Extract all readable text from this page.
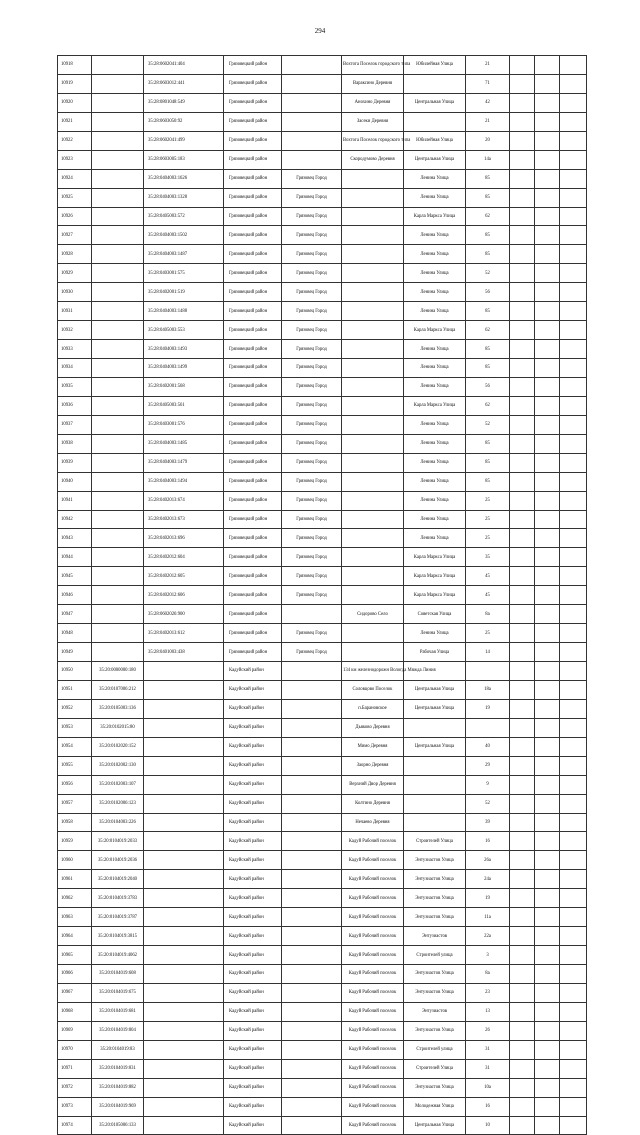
294
10918		35:28:0602041:404	Грязовецкий район		Вохтога Поселок городского типа	Юбилейная Улица	21			
10919		35:28:0603012:441	Грязовецкий район		Вараксино Деревня		71			
10920		35:28:0801048:549	Грязовецкий район		Анохино Деревня	Центральная Улица	42			
10921		35:28:0603050:92	Грязовецкий район		Засеки Деревня		21			
10922		35:28:0602041:499	Грязовецкий район		Вохтога Поселок городского типа	Юбилейная Улица	20			
10923		35:28:0603005:183	Грязовецкий район		Скородумово Деревня	Центральная Улица	14а			
10924		35:28:0404003:1626	Грязовецкий район	Грязовец Город		Ленина Улица	85			
10925		35:28:0404003:1328	Грязовецкий район	Грязовец Город		Ленина Улица	85			
10926		35:28:0405003:572	Грязовецкий район	Грязовец Город		Карла Маркса Улица	62			
10927		35:28:0404003:1502	Грязовецкий район	Грязовец Город		Ленина Улица	85			
10928		35:28:0404003:1487	Грязовецкий район	Грязовец Город		Ленина Улица	85			
10929		35:28:0403001:575	Грязовецкий район	Грязовец Город		Ленина Улица	52			
10930		35:28:0402001:519	Грязовецкий район	Грязовец Город		Ленина Улица	56			
10931		35:28:0404003:1488	Грязовецкий район	Грязовец Город		Ленина Улица	85			
10932		35:28:0405003:553	Грязовецкий район	Грязовец Город		Карла Маркса Улица	62			
10933		35:28:0404003:1493	Грязовецкий район	Грязовец Город		Ленина Улица	85			
10934		35:28:0404003:1499	Грязовецкий район	Грязовец Город		Ленина Улица	85			
10935		35:28:0402001:568	Грязовецкий район	Грязовец Город		Ленина Улица	56			
10936		35:28:0405003:561	Грязовецкий район	Грязовец Город		Карла Маркса Улица	62			
10937		35:28:0403001:576	Грязовецкий район	Грязовец Город		Ленина Улица	52			
10938		35:28:0404003:1485	Грязовецкий район	Грязовец Город		Ленина Улица	85			
10939		35:28:0404003:1479	Грязовецкий район	Грязовец Город		Ленина Улица	85			
10940		35:28:0404003:1494	Грязовецкий район	Грязовец Город		Ленина Улица	85			
10941		35:28:0402013:674	Грязовецкий район	Грязовец Город		Ленина Улица	25			
10942		35:28:0402013:673	Грязовецкий район	Грязовец Город		Ленина Улица	25			
10943		35:28:0402013:696	Грязовецкий район	Грязовец Город		Ленина Улица	25			
10944		35:28:0402012:604	Грязовецкий район	Грязовец Город		Карла Маркса Улица	35			
10945		35:28:0402012:605	Грязовецкий район	Грязовец Город		Карла Маркса Улица	45			
10946		35:28:0402012:606	Грязовецкий район	Грязовец Город		Карла Маркса Улица	45			
10947		35:28:0602026:900	Грязовецкий район		Сидорово Село	Советская Улица	8а			
10948		35:28:0402013:612	Грязовецкий район	Грязовец Город		Ленина Улица	25			
10949		35:28:0401003:438	Грязовецкий район	Грязовец Город		Рабочая Улица	14			
10950	35:20:0000000:180		Кадуйский район		134 км железнодорожн Вологда Мяжда Линия					
10951	35:20:0107006:212		Кадуйский район		Соловцово Поселок	Центральная Улица	18а			
10952	35:20:0105003:136		Кадуйский район		п.Барановское	Центральная Улица	19			
10953	35:20:0102015:80		Кадуйский район		Дьяково Деревня					
10954	35:20:0102020:152		Кадуйский район		Мимо Деревня	Центральная Улица	40			
10955	35:20:0102002:130		Кадуйский район		Заорно Деревня		29			
10956	35:20:0102003:107		Кадуйский район		Верхний Двор Деревня		9			
10957	35:20:0102006:123		Кадуйский район		Колтино Деревня		52			
10958	35:20:0104003:226		Кадуйский район		Нечаево Деревня		39			
10959	35:20:0104019:2033		Кадуйский район		Кадуй Рабочий поселок	Строителей Улица	16			
10960	35:20:0104019:2036		Кадуйский район		Кадуй Рабочий поселок	Энтузиастов Улица	26а			
10961	35:20:0104019:2040		Кадуйский район		Кадуй Рабочий поселок	Энтузиастов Улица	24а			
10962	35:20:0104019:3783		Кадуйский район		Кадуй Рабочий поселок	Энтузиастов Улица	19			
10963	35:20:0104019:3787		Кадуйский район		Кадуй Рабочий поселок	Энтузиастов Улица	11а			
10964	35:20:0104019:3815		Кадуйский район		Кадуй Рабочий поселок	Энтузиастов	22а			
10965	35:20:0104019:4062		Кадуйский район		Кадуй Рабочий поселок	Строителей улица	3			
10966	35:20:0104019:608		Кадуйский район		Кадуй Рабочий поселок	Энтузиастов Улица	8а			
10967	35:20:0104019:675		Кадуйский район		Кадуй Рабочий поселок	Энтузиастов Улица	23			
10968	35:20:0104019:681		Кадуйский район		Кадуй Рабочий поселок	Энтузиастов	13			
10969	35:20:0104019:804		Кадуйский район		Кадуй Рабочий поселок	Энтузиастов Улица	26			
10970	35:20:0104019:83		Кадуйский район		Кадуй Рабочий поселок	Строителей улица	31			
10971	35:20:0104019:831		Кадуйский район		Кадуй Рабочий поселок	Строителей Улица	31			
10972	35:20:0104019:882		Кадуйский район		Кадуй Рабочий поселок	Энтузиастов Улица	10а			
10973	35:20:0104019:969		Кадуйский район		Кадуй Рабочий поселок	Молодежная Улица	16			
10974	35:20:0105006:133		Кадуйский район		Кадуй Рабочий поселок	Центральная Улица	10			
